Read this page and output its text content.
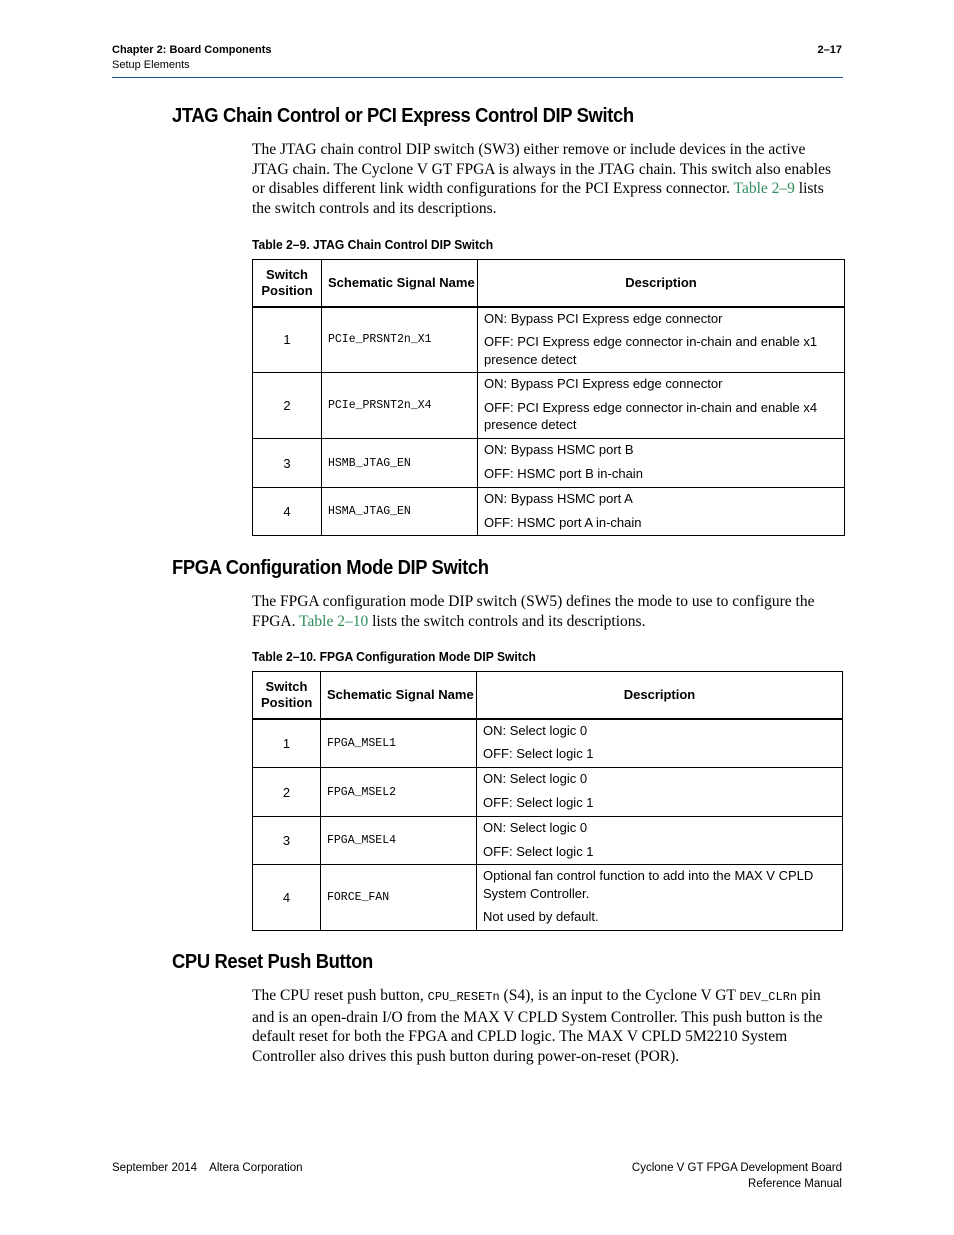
Chapter 2: Board Components
Setup Elements
2–17
JTAG Chain Control or PCI Express Control DIP Switch
The JTAG chain control DIP switch (SW3) either remove or include devices in the active JTAG chain. The Cyclone V GT FPGA is always in the JTAG chain. This switch also enables or disables different link width configurations for the PCI Express connector. Table 2–9 lists the switch controls and its descriptions.
Table 2–9. JTAG Chain Control DIP Switch
Switch Position	Schematic Signal Name	Description
1	PCIe_PRSNT2n_X1	ON: Bypass PCI Express edge connector
OFF: PCI Express edge connector in-chain and enable x1 presence detect

2	PCIe_PRSNT2n_X4	ON: Bypass PCI Express edge connector
OFF: PCI Express edge connector in-chain and enable x4 presence detect

3	HSMB_JTAG_EN	ON: Bypass HSMC port B
OFF: HSMC port B in-chain

4	HSMA_JTAG_EN	ON: Bypass HSMC port A
OFF: HSMC port A in-chain
FPGA Configuration Mode DIP Switch
The FPGA configuration mode DIP switch (SW5) defines the mode to use to configure the FPGA. Table 2–10 lists the switch controls and its descriptions.
Table 2–10. FPGA Configuration Mode DIP Switch
Switch Position	Schematic Signal Name	Description
1	FPGA_MSEL1	ON: Select logic 0
OFF: Select logic 1

2	FPGA_MSEL2	ON: Select logic 0
OFF: Select logic 1

3	FPGA_MSEL4	ON: Select logic 0
OFF: Select logic 1

4	FORCE_FAN	Optional fan control function to add into the MAX V CPLD System Controller.
Not used by default.
CPU Reset Push Button
The CPU reset push button, CPU_RESETn (S4), is an input to the Cyclone V GT DEV_CLRn pin and is an open-drain I/O from the MAX V CPLD System Controller. This push button is the default reset for both the FPGA and CPLD logic. The MAX V CPLD 5M2210 System Controller also drives this push button during power-on-reset (POR).
September 2014    Altera Corporation	Cyclone V GT FPGA Development Board
Reference Manual
